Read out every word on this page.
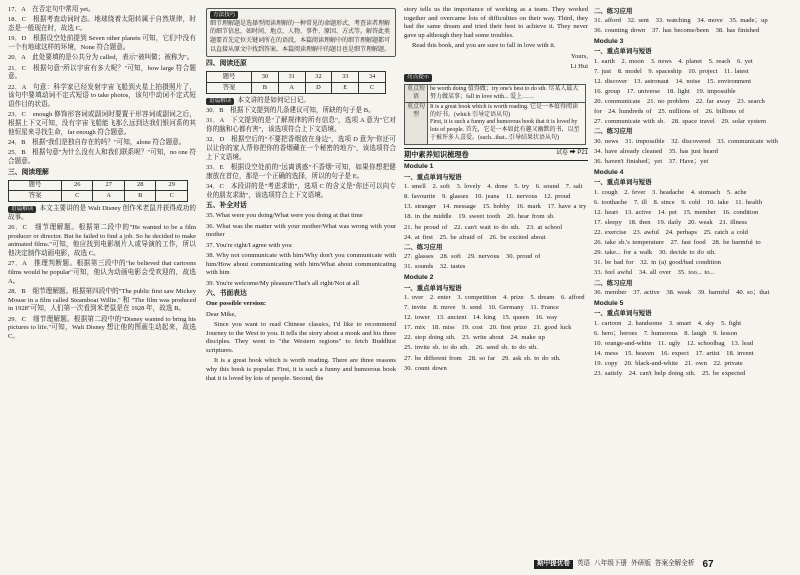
17．A　在否定句中常用 yet。
18．C　根据考查动词时态。地球绕着太阳转属于自然规律，时态是一般现在时，故选 C。
19．D　根据设空处前提到 Seven other planets 可知，它们中没有一个有地球这样的环境，None 符合题意。
20．A　此处要填的是公共分为 called，表示"被叫做；被称为"。
21．C　根据句意"所以宇宙有多大呢？"可知，how large 符合题意。
22．A　句意：科学家已经发射宇宙飞船到火星上拍摄照片了，该句中要填动词不定式短语 to take photos，该句中动词不定式短语作目的状语。
23．C　enough 修饰形容词或副词时要置于形容词或副词之后，根据上下文可知，没有宇宙飞船能飞那么远到达我们银河系的其他恒星来寻找生命，far enough 符合题意。
24．B　根据"我们是独自存在的吗？"可知，alone 符合题意。
25．B　根据句意"为什么没有人和我们联系呢？"可知，no one 符合题意。
三、阅读理解
题号	26	27	28	29
答案	C	A	B	C
语篇解读 本文主要讲的是 Walt Disney 创作米老鼠并获得成功的故事。
26．C　细节理解题。根据第二段中的"He wanted to be a film producer or director. But he failed to find a job. So he decided to make animated films."可知，他应找到电影制片人或导演的工作，所以他决定制作动画电影，故选 C。
27．A　推理判断题。根据第三段中的"he believed that cartoons films would be popular"可知，他认为动画电影会受欢迎的，故选 A。
28．B　细节理解题。根据第四段中的"The public first saw Mickey Mouse in a film called Steamboat Willie." 和 "The film was produced in 1928"可知，人们第一次看到米老鼠是在 1928 年，故选 B。
29．C　细节理解题。根据第二段中的"Disney wanted to bring his pictures to life."可知，Walt Disney 想让他的图画生动起来，故选 C。
方法技巧
细节理解题是选择型阅读理解的一种常见的命题形式，考查读者理解的细节信息，如时间、地点、人物、事件、原因、方式等。解答此类题要首先定位关键词所在的语段，本篇阅读理解中的细节理解题都可以直接从原文中找到答案。本篇阅读理解中的题目也是细节理解题。
四、阅读还原
题号	30	31	32	33	34
答案	B	A	D	E	C
语篇解读 本文讲的是如何记日记。
30．B　根据下文提到的几条建议可知，所缺的句子是 B。
31．A　下文提到的是"了解规律的所有信息"，选项 A 意为"它对你的脑和心都有害"，该选项符合上下文语境。
32．D　根据空后的"不要把香烟放在身边"，选项 D 意为"你还可以让你的家人帮你把你的香烟藏在一个秘密的地方"，该选项符合上下文语境。
33．E　根据设空处前的"远离诱惑"不香烟"可知，如果你想把健康放在首位，那是一个正确的选择，所以的句子是 E。
34．C　本段讲的是"考虑求助"，选项 C 的含义是"你还可以向专业的朋友求助"，该选项符合上下文语境。
五、补全对话
35. What were you doing/What were you doing at that time
36. What was the matter with your mother/What was wrong with your mother
37. You're right/I agree with you
38. Why not communicate with him/Why don't you communicate with him/How about communicating with him/What about communicating with him
39. You're welcome/My pleasure/That's all right/Not at all
六、书面表达
One possible version:
Dear Mike,
Since you want to read Chinese classics, I'd like to recommend Journey to the West to you. It tells the story about a monk and his three disciples. They went to "the Western regions" to fetch Buddhist scriptures.
It is a great book which is worth reading. There are three reasons why this book is popular. First, it is such a funny and humorous book that it is loved by lots of people. Second, the
story tells us the importance of working as a team. They worked together and overcame lots of difficulties on their way. Third, they had the same dream and tried their best to achieve it. They never gave up although they had some troubles.
Read this book, and you are sure to fall in love with it.
Yours,
Li Hui
亮点提示
重点短语	be worth doing 值得做；try one's best to do sth. 尽某人最大努力做某事；fall in love with... 爱上……
重点句型	It is a great book which is worth reading. 它是一本值得阅读的好书。(which 引导定语从句)
First, it is such a funny and humorous book that it is loved by lots of people. 首先，它是一本如此有趣又幽默的书，以至于被许多人喜爱。(such...that...引导结果状语从句)
期中素养知识梳理卷	试卷 ⮕ P21
Module 1
一、重点单词与短语
1. smell　2. soft　3. lovely　4. done　5. try　6. sound　7. salt
8. favourite　9. glasses　10. jeans　11. nervous　12. proud
13. stranger　14. message　15. hobby　16. mark　17. have a try
18. in the middle　19. sweet tooth　20. hear from sb.
21. be proud of　22. can't wait to do sth.　23. at school
24. at first　25. be afraid of　26. be excited about
二、练习应用
27. glasses　28. soft　29. nervous　30. proud of
31. sounds　32. tastes
Module 2
一、重点单词与短语
1. over　2. enter　3. competition　4. prize　5. dream　6. afford
7. invite　8. move　9. send　10. Germany　11. France
12. tower　13. ancient　14. king　15. queen　16. way
17. mix　18. miss　19. cost　20. first prize　21. good luck
22. stop doing sth.　23. write about　24. make up
25. invite sb. to do sth.　26. send sb. to do sth.
27. be different from　28. so far　29. ask sb. to do sth.
30. count down
二、练习应用
31. afford　32. sent　33. watching　34. move　35. made；up
36. counting down　37. has become/been　38. has finished
Module 3
一、重点单词与短语
1. earth　2. moon　3. news　4. planet　5. reach　6. yet
7. just　8. model　9. spaceship　10. project　11. latest
12. discover　13. astronaut　14. noise　15. environment
16. group　17. universe　18. light　19. impossible
20. communicate　21. no problem　22. far away　23. search
for　24. hundreds of　25. millions of　26. billions of
27. communicate with sb.　28. space travel　29. solar system
二、练习应用
30. news　31. impossible　32. discovered　33. communicate with
34. have already cleaned　35. has just heard
36. haven't finished；yet　37. Have；yet
Module 4
一、重点单词与短语
1. cough　2. fever　3. headache　4. stomach　5. ache
6. toothache　7. ill　8. since　9. cold　10. take　11. health
12. heart　13. active　14. pet　15. member　16. condition
17. sleepy　18. then　19. daily　20. weak　21. illness
22. exercise　23. awful　24. perhaps　25. catch a cold
26. take sb.'s temperature　27. fast food　28. be harmful to
29. take... for a walk　30. decide to do sth.
31. be bad for　32. in (a) good/bad condition
33. feel awful　34. all over　35. too... to...
二、练习应用
36. member　37. active　38. weak　39. harmful　40. so；that
Module 5
一、重点单词与短语
1. cartoon　2. handsome　3. smart　4. sky　5. fight
6. hero；heroes　7. humorous　8. laugh　9. lesson
10. orange-and-white　11. ugly　12. schoolbag　13. lead
14. mess　15. heaven　16. expect　17. artist　18. invent
19. copy　20. black-and-white　21. own　22. private
23. satisfy　24. can't help doing sth.　25. be expected
期中提优卷	英语 八年级下册 外研版 答案全解全析 67
